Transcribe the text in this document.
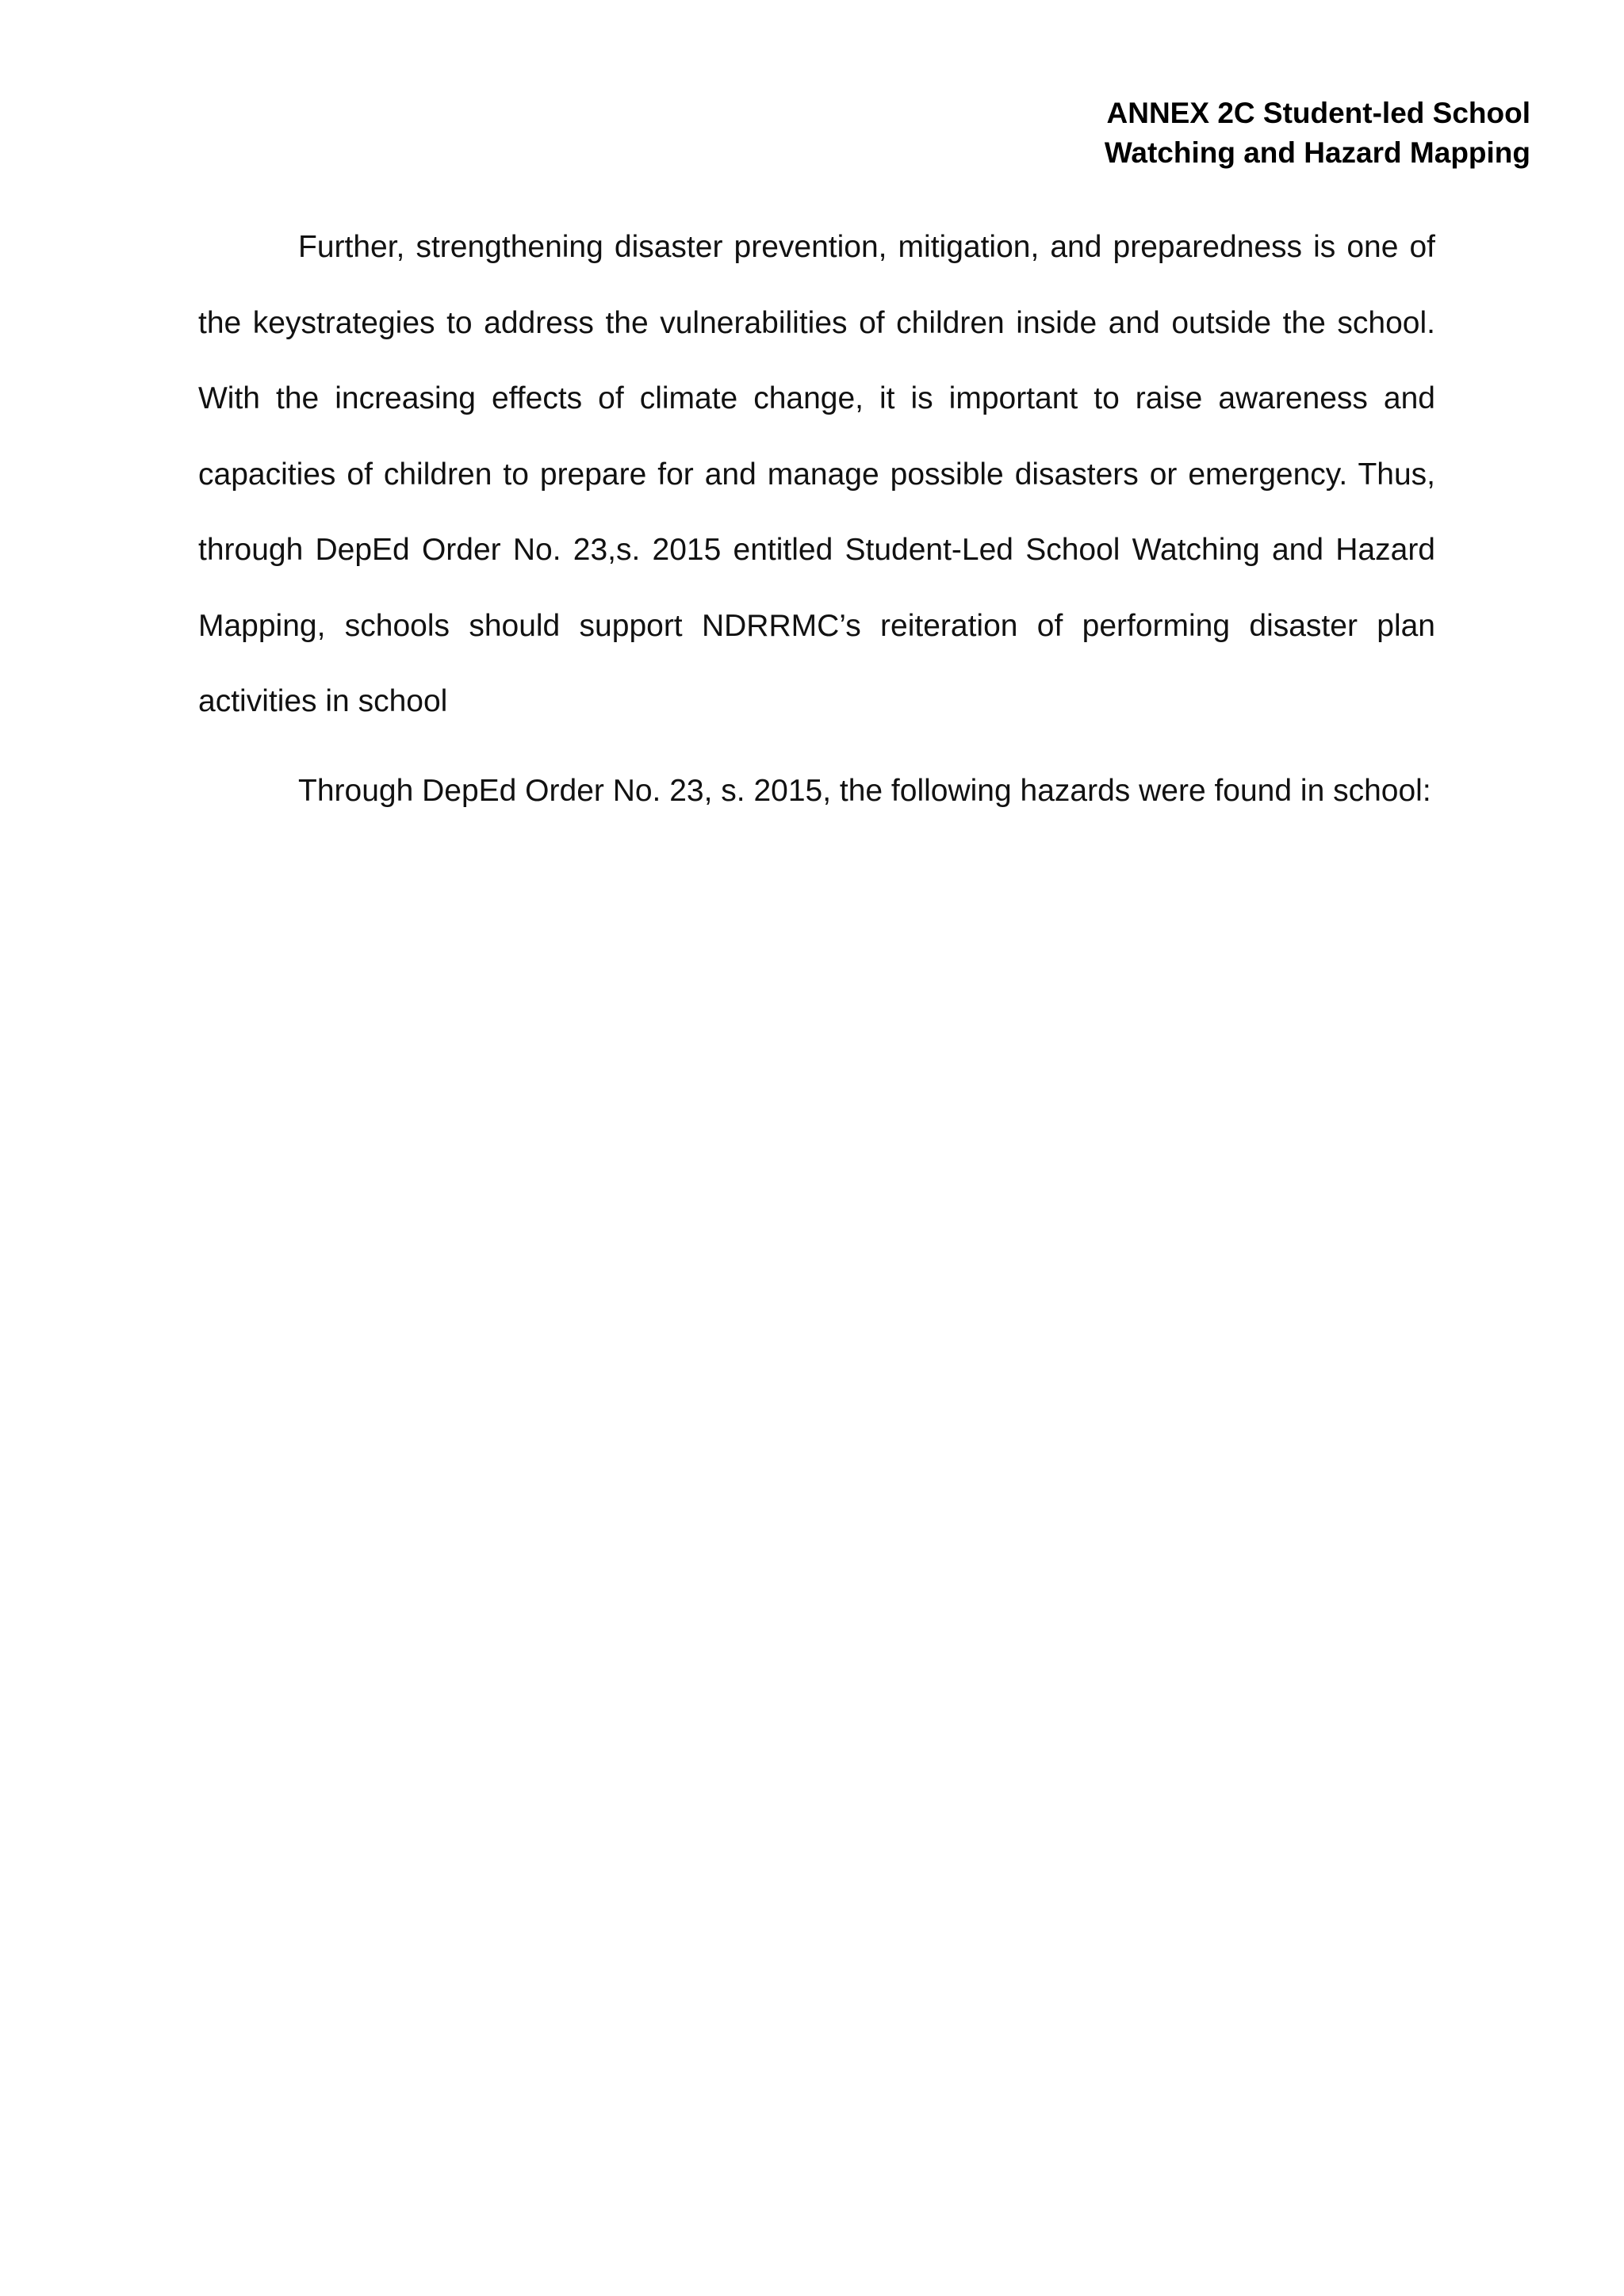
ANNEX 2C Student-led School
Watching and Hazard Mapping

Further, strengthening disaster prevention, mitigation, and preparedness is one of the keystrategies to address the vulnerabilities of children inside and outside the school. With the increasing effects of climate change, it is important to raise awareness and capacities of children to prepare for and manage possible disasters or emergency. Thus, through DepEd Order No. 23,s. 2015 entitled Student-Led School Watching and Hazard Mapping, schools should support NDRRMC’s reiteration of performing disaster plan activities in school

Through DepEd Order No. 23, s. 2015, the following hazards were found in school:
